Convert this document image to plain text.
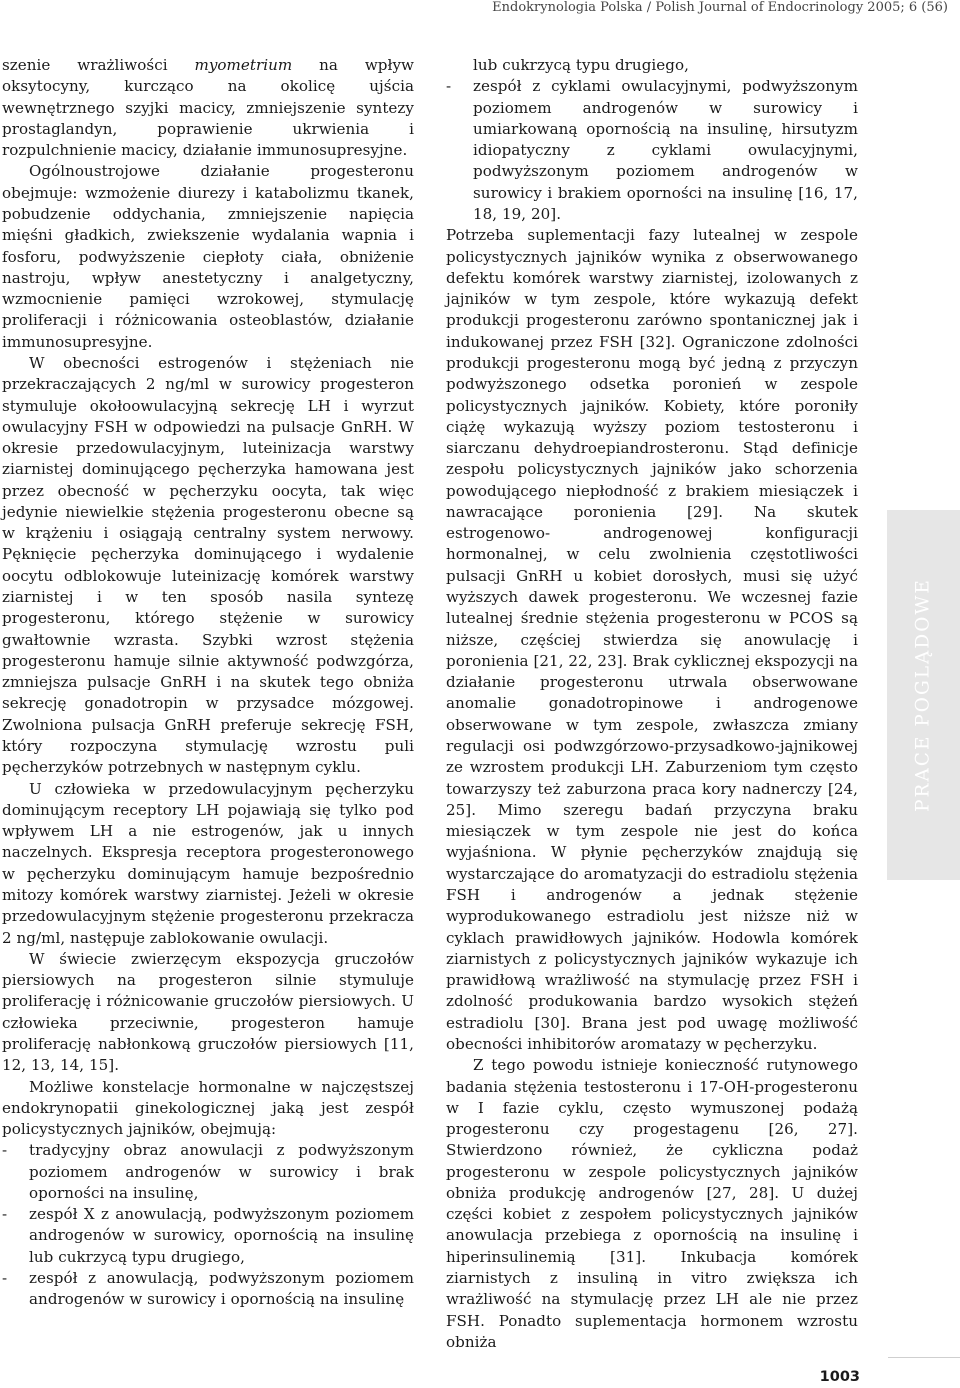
Endokrynologia Polska / Polish Journal of Endocrinology 2005; 6 (56)

szenie wrażliwości myometrium na wpływ oksytocyny, kurcząco na okolicę ujścia wewnętrznego szyjki macicy, zmniejszenie syntezy prostaglandyn, poprawienie ukrwienia i rozpulchnienie macicy, działanie immunosupresyjne.

Ogólnoustrojowe działanie progesteronu obejmuje: wzmożenie diurezy i katabolizmu tkanek, pobudzenie oddychania, zmniejszenie napięcia mięśni gładkich, zwiekszenie wydalania wapnia i fosforu, podwyższenie ciepłoty ciała, obniżenie nastroju, wpływ anestetyczny i analgetyczny, wzmocnienie pamięci wzrokowej, stymulację proliferacji i różnicowania osteoblastów, działanie immunosupresyjne.

W obecności estrogenów i stężeniach nie przekraczających 2 ng/ml w surowicy progesteron stymuluje okołoowulacyjną sekrecję LH i wyrzut owulacyjny FSH w odpowiedzi na pulsacje GnRH. W okresie przedowulacyjnym, luteinizacja warstwy ziarnistej dominującego pęcherzyka hamowana jest przez obecność w pęcherzyku oocyta, tak więc jedynie niewielkie stężenia progesteronu obecne są w krążeniu i osiągają centralny system nerwowy. Pęknięcie pęcherzyka dominującego i wydalenie oocytu odblokowuje luteinizację komórek warstwy ziarnistej i w ten sposób nasila syntezę progesteronu, którego stężenie w surowicy gwałtownie wzrasta. Szybki wzrost stężenia progesteronu hamuje silnie aktywność podwzgórza, zmniejsza pulsacje GnRH i na skutek tego obniża sekrecję gonadotropin w przysadce mózgowej. Zwolniona pulsacja GnRH preferuje sekrecję FSH, który rozpoczyna stymulację wzrostu puli pęcherzyków potrzebnych w następnym cyklu.

U człowieka w przedowulacyjnym pęcherzyku dominującym receptory LH pojawiają się tylko pod wpływem LH a nie estrogenów, jak u innych naczelnych. Ekspresja receptora progesteronowego w pęcherzyku dominującym hamuje bezpośrednio mitozy komórek warstwy ziarnistej. Jeżeli w okresie przedowulacyjnym stężenie progesteronu przekracza 2 ng/ml, następuje zablokowanie owulacji.

W świecie zwierzęcym ekspozycja gruczołów piersiowych na progesteron silnie stymuluje proliferację i różnicowanie gruczołów piersiowych. U człowieka przeciwnie, progesteron hamuje proliferację nabłonkową gruczołów piersiowych [11, 12, 13, 14, 15].

Możliwe konstelacje hormonalne w najczęstszej endokrynopatii ginekologicznej jaką jest zespół policystycznych jajników, obejmują:

- tradycyjny obraz anowulacji z podwyższonym poziomem androgenów w surowicy i brak oporności na insulinę,

- zespół X z anowulacją, podwyższonym poziomem androgenów w surowicy, opornością na insulinę lub cukrzycą typu drugiego,

- zespół z anowulacją, podwyższonym poziomem androgenów w surowicy i opornością na insulinę

lub cukrzycą typu drugiego,

- zespół z cyklami owulacyjnymi, podwyższonym poziomem androgenów w surowicy i umiarkowaną opornością na insulinę, hirsutyzm idiopatyczny z cyklami owulacyjnymi, podwyższonym poziomem androgenów w surowicy i brakiem oporności na insulinę [16, 17, 18, 19, 20].

Potrzeba suplementacji fazy lutealnej w zespole policystycznych jajników wynika z obserwowanego defektu komórek warstwy ziarnistej, izolowanych z jajników w tym zespole, które wykazują defekt produkcji progesteronu zarówno spontanicznej jak i indukowanej przez FSH [32]. Ograniczone zdolności produkcji progesteronu mogą być jedną z przyczyn podwyższonego odsetka poronień w zespole policystycznych jajników. Kobiety, które poroniły ciążę wykazują wyższy poziom testosteronu i siarczanu dehydroepiandrosteronu. Stąd definicje zespołu policystycznych jajników jako schorzenia powodującego niepłodność z brakiem miesiączek i nawracające poronienia [29]. Na skutek estrogenowo- androgenowej konfiguracji hormonalnej, w celu zwolnienia częstotliwości pulsacji GnRH u kobiet dorosłych, musi się użyć wyższych dawek progesteronu. We wczesnej fazie lutealnej średnie stężenia progesteronu w PCOS są niższe, częściej stwierdza się anowulację i poronienia [21, 22, 23]. Brak cyklicznej ekspozycji na działanie progesteronu utrwala obserwowane anomalie gonadotropinowe i androgenowe obserwowane w tym zespole, zwłaszcza zmiany regulacji osi podwzgórzowo-przysadkowo-jajnikowej ze wzrostem produkcji LH. Zaburzeniom tym często towarzyszy też zaburzona praca kory nadnerczy [24, 25]. Mimo szeregu badań przyczyna braku miesiączek w tym zespole nie jest do końca wyjaśniona. W płynie pęcherzyków znajdują się wystarczające do aromatyzacji do estradiolu stężenia FSH i androgenów a jednak stężenie wyprodukowanego estradiolu jest niższe niż w cyklach prawidłowych jajników. Hodowla komórek ziarnistych z policystycznych jajników wykazuje ich prawidłową wrażliwość na stymulację przez FSH i zdolność produkowania bardzo wysokich stężeń estradiolu [30]. Brana jest pod uwagę możliwość obecności inhibitorów aromatazy w pęcherzyku.

Z tego powodu istnieje konieczność rutynowego badania stężenia testosteronu i 17-OH-progesteronu w I fazie cyklu, często wymuszonej podażą progesteronu czy progestagenu [26, 27]. Stwierdzono również, że cykliczna podaż progesteronu w zespole policystycznych jajników obniża produkcję androgenów [27, 28]. U dużej części kobiet z zespołem policystycznych jajników anowulacja przebiega z opornością na insulinę i hiperinsulinemią [31]. Inkubacja komórek ziarnistych z insuliną in vitro zwiększa ich wrażliwość na stymulację przez LH ale nie przez FSH. Ponadto suplementacja hormonem wzrostu obniża

PRACE POGLĄDOWE
1003
